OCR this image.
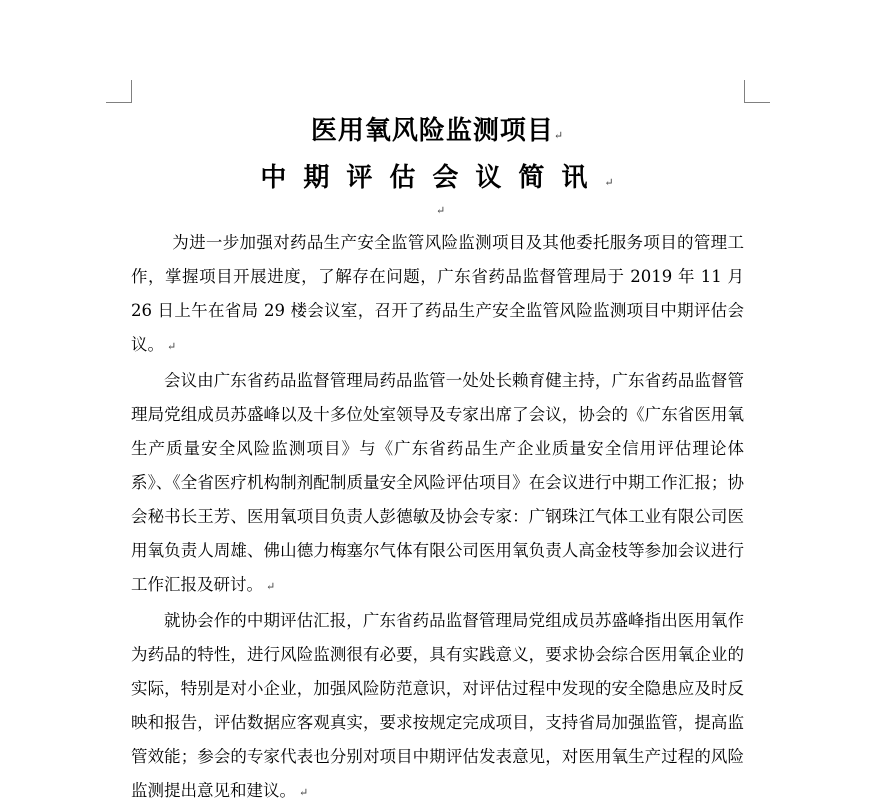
医用氧风险监测项目↵
中期评估会议简讯↵
↵

为进一步加强对药品生产安全监管风险监测项目及其他委托服务项目的管理工作，掌握项目开展进度，了解存在问题，广东省药品监督管理局于 2019 年 11 月 26 日上午在省局 29 楼会议室，召开了药品生产安全监管风险监测项目中期评估会议。 ↵

会议由广东省药品监督管理局药品监管一处处长赖育健主持，广东省药品监督管理局党组成员苏盛峰以及十多位处室领导及专家出席了会议，协会的《广东省医用氧生产质量安全风险监测项目》与《广东省药品生产企业质量安全信用评估理论体系》、《全省医疗机构制剂配制质量安全风险评估项目》在会议进行中期工作汇报；协会秘书长王芳、医用氧项目负责人彭德敏及协会专家：广钢珠江气体工业有限公司医用氧负责人周雄、佛山德力梅塞尔气体有限公司医用氧负责人高金枝等参加会议进行工作汇报及研讨。 ↵

就协会作的中期评估汇报，广东省药品监督管理局党组成员苏盛峰指出医用氧作为药品的特性，进行风险监测很有必要，具有实践意义，要求协会综合医用氧企业的实际，特别是对小企业，加强风险防范意识，对评估过程中发现的安全隐患应及时反映和报告，评估数据应客观真实，要求按规定完成项目，支持省局加强监管，提高监管效能；参会的专家代表也分别对项目中期评估发表意见，对医用氧生产过程的风险监测提出意见和建议。 ↵
